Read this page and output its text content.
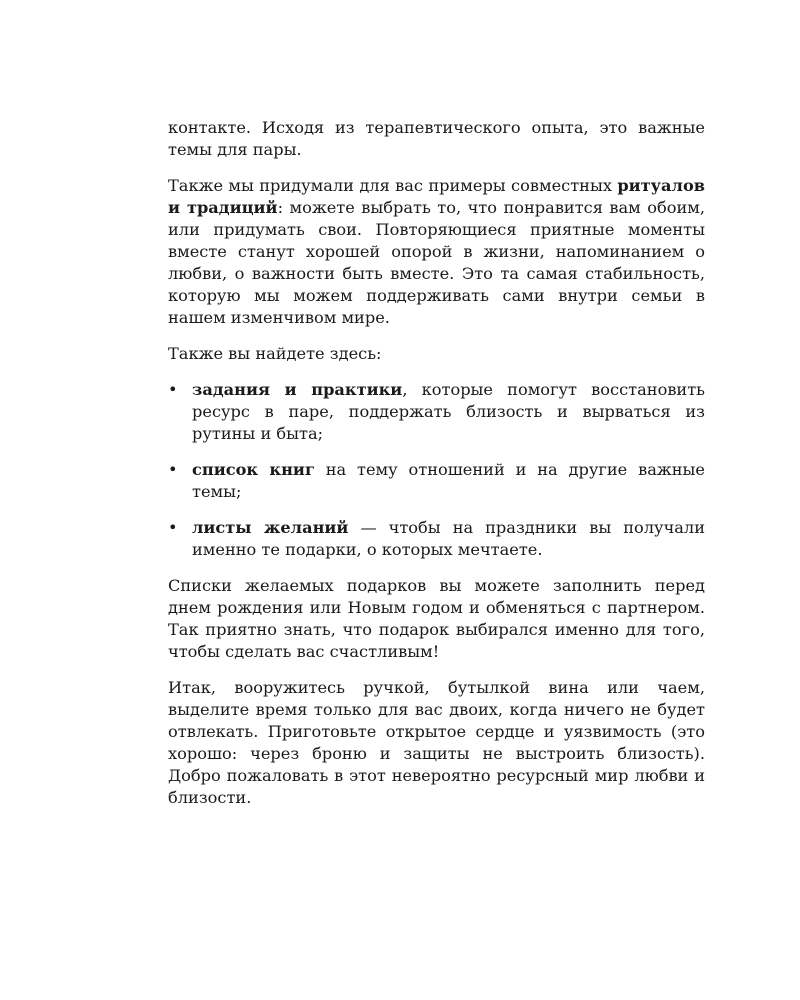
контакте. Исходя из терапевтического опыта, это важные темы для пары.

Также мы придумали для вас примеры совместных ритуалов и традиций: можете выбрать то, что понравится вам обоим, или придумать свои. Повторяющиеся приятные моменты вместе станут хорошей опорой в жизни, напоминанием о любви, о важности быть вместе. Это та самая стабильность, которую мы можем поддерживать сами внутри семьи в нашем изменчивом мире.

Также вы найдете здесь:

• задания и практики, которые помогут восстановить ресурс в паре, поддержать близость и вырваться из рутины и быта;
• список книг на тему отношений и на другие важные темы;
• листы желаний — чтобы на праздники вы получали именно те подарки, о которых мечтаете.

Списки желаемых подарков вы можете заполнить перед днем рождения или Новым годом и обменяться с партнером. Так приятно знать, что подарок выбирался именно для того, чтобы сделать вас счастливым!

Итак, вооружитесь ручкой, бутылкой вина или чаем, выделите время только для вас двоих, когда ничего не будет отвлекать. Приготовьте открытое сердце и уязвимость (это хорошо: через броню и защиты не выстроить близость). Добро пожаловать в этот невероятно ресурсный мир любви и близости.
